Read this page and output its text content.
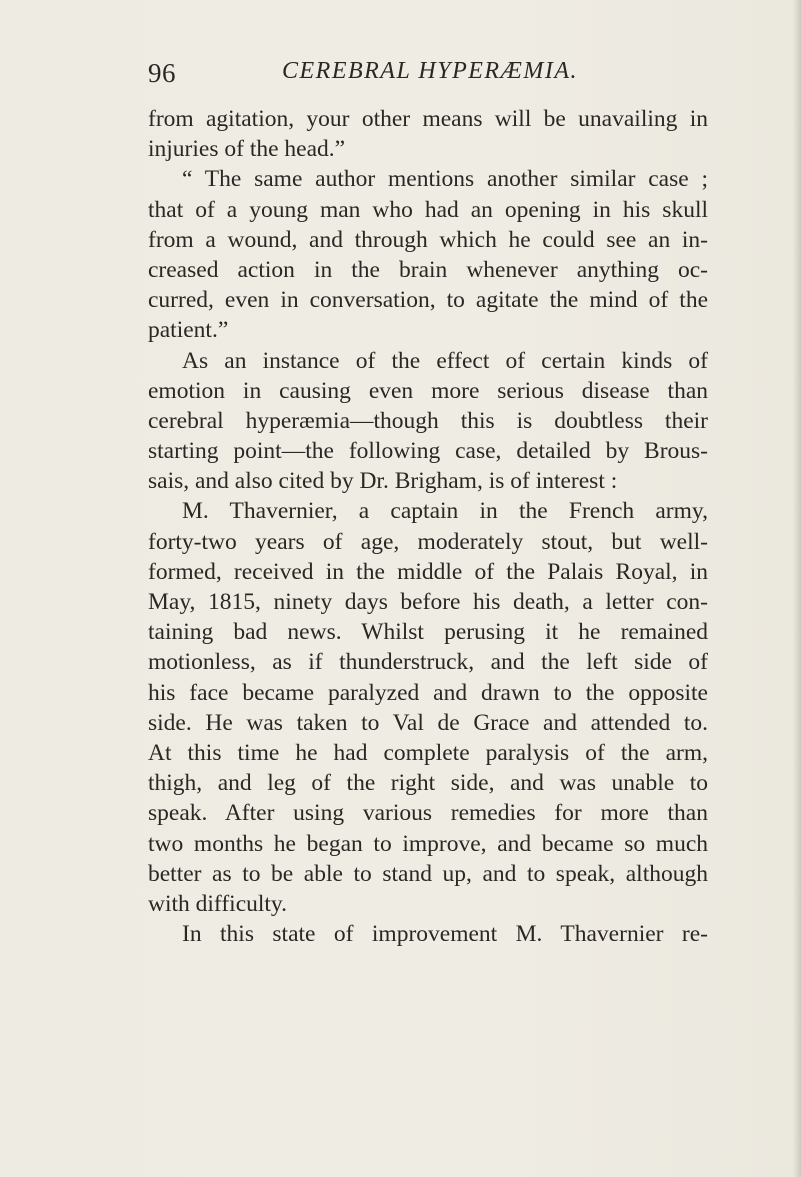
96	CEREBRAL HYPERÆMIA.
from agitation, your other means will be unavailing in
injuries of the head.”
“ The same author mentions another similar case ;
that of a young man who had an opening in his skull
from a wound, and through which he could see an in-
creased action in the brain whenever anything oc-
curred, even in conversation, to agitate the mind of the
patient.”
As an instance of the effect of certain kinds of
emotion in causing even more serious disease than
cerebral hyperæmia—though this is doubtless their
starting point—the following case, detailed by Brous-
sais, and also cited by Dr. Brigham, is of interest :
M. Thavernier, a captain in the French army,
forty-two years of age, moderately stout, but well-
formed, received in the middle of the Palais Royal, in
May, 1815, ninety days before his death, a letter con-
taining bad news. Whilst perusing it he remained
motionless, as if thunderstruck, and the left side of
his face became paralyzed and drawn to the opposite
side. He was taken to Val de Grace and attended to.
At this time he had complete paralysis of the arm,
thigh, and leg of the right side, and was unable to
speak. After using various remedies for more than
two months he began to improve, and became so much
better as to be able to stand up, and to speak, although
with difficulty.
In this state of improvement M. Thavernier re-
